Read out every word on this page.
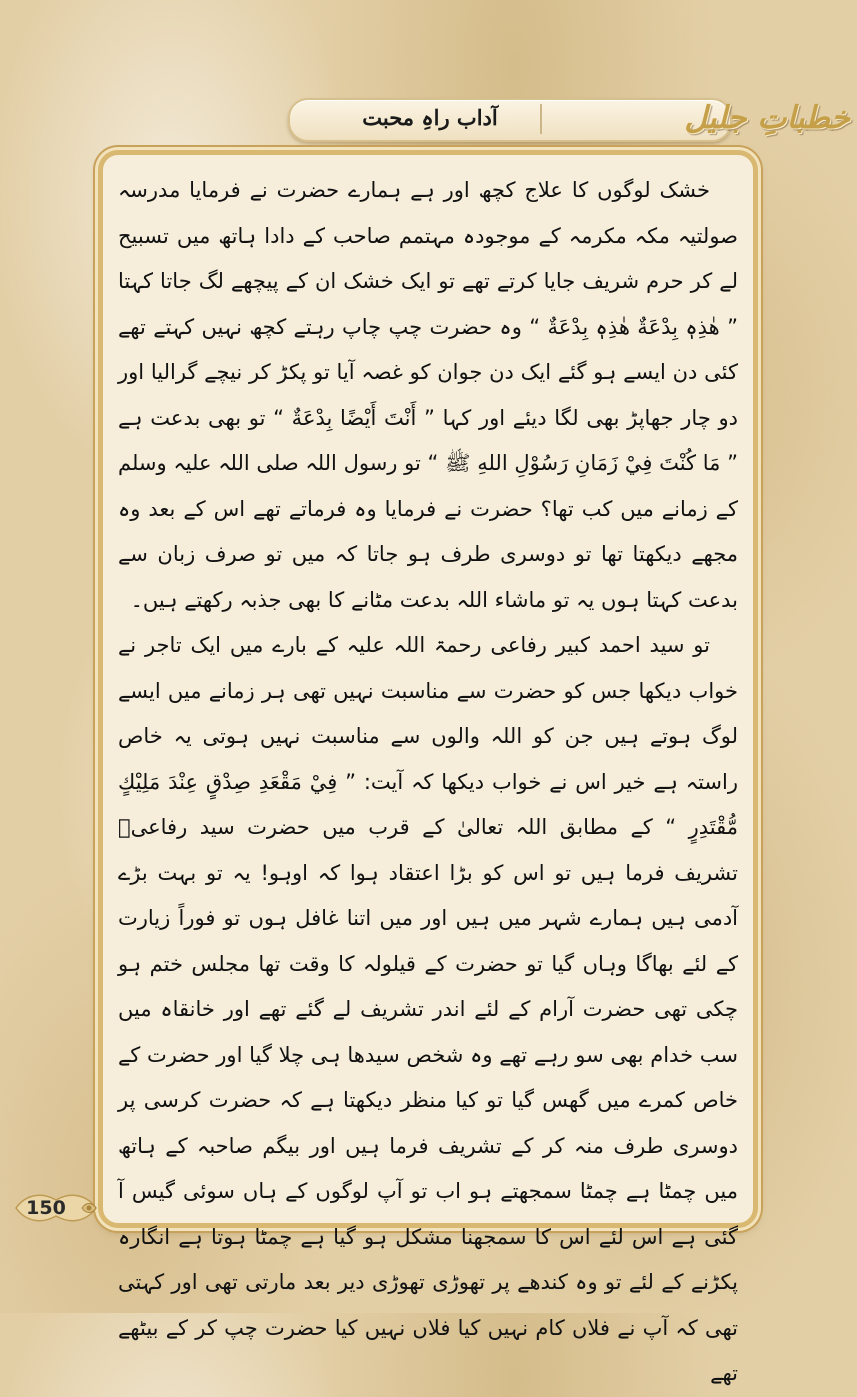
آداب راہِ محبت	خطباتِ جلیل

خشک لوگوں کا علاج کچھ اور ہے ہمارے حضرت نے فرمایا مدرسہ صولتیہ مکہ مکرمہ کے موجودہ مہتمم صاحب کے دادا ہاتھ میں تسبیح لے کر حرم شریف جایا کرتے تھے تو ایک خشک ان کے پیچھے لگ جاتا کہتا ” هٰذِهٖ بِدْعَةٌ هٰذِهٖ بِدْعَةٌ “ وہ حضرت چپ چاپ رہتے کچھ نہیں کہتے تھے کئی دن ایسے ہو گئے ایک دن جوان کو غصہ آیا تو پکڑ کر نیچے گرالیا اور دو چار جھاپڑ بھی لگا دیئے اور کہا ” أَنْتَ أَيْضًا بِدْعَةٌ “ تو بھی بدعت ہے ” مَا كُنْتَ فِيْ زَمَانِ رَسُوْلِ اللهِ ﷺ “ تو رسول اللہ صلی اللہ علیہ وسلم کے زمانے میں کب تھا؟ حضرت نے فرمایا وہ فرماتے تھے اس کے بعد وہ مجھے دیکھتا تھا تو دوسری طرف ہو جاتا کہ میں تو صرف زبان سے بدعت کہتا ہوں یہ تو ماشاء اللہ بدعت مٹانے کا بھی جذبہ رکھتے ہیں۔

تو سید احمد کبیر رفاعی رحمۃ اللہ علیہ کے بارے میں ایک تاجر نے خواب دیکھا جس کو حضرت سے مناسبت نہیں تھی ہر زمانے میں ایسے لوگ ہوتے ہیں جن کو اللہ والوں سے مناسبت نہیں ہوتی یہ خاص راستہ ہے خیر اس نے خواب دیکھا کہ آیت: ” فِيْ مَقْعَدِ صِدْقٍ عِنْدَ مَلِيْكٍ مُّقْتَدِرٍ “ کے مطابق اللہ تعالیٰ کے قرب میں حضرت سید رفاعیؒ تشریف فرما ہیں تو اس کو بڑا اعتقاد ہوا کہ اوہو! یہ تو بہت بڑے آدمی ہیں ہمارے شہر میں ہیں اور میں اتنا غافل ہوں تو فوراً زیارت کے لئے بھاگا وہاں گیا تو حضرت کے قیلولہ کا وقت تھا مجلس ختم ہو چکی تھی حضرت آرام کے لئے اندر تشریف لے گئے تھے اور خانقاہ میں سب خدام بھی سو رہے تھے وہ شخص سیدھا ہی چلا گیا اور حضرت کے خاص کمرے میں گھس گیا تو کیا منظر دیکھتا ہے کہ حضرت کرسی پر دوسری طرف منہ کر کے تشریف فرما ہیں اور بیگم صاحبہ کے ہاتھ میں چمٹا ہے چمٹا سمجھتے ہو اب تو آپ لوگوں کے ہاں سوئی گیس آ گئی ہے اس لئے اس کا سمجھنا مشکل ہو گیا ہے چمٹا ہوتا ہے انگارہ پکڑنے کے لئے تو وہ کندھے پر تھوڑی تھوڑی دیر بعد مارتی تھی اور کہتی تھی کہ آپ نے فلاں کام نہیں کیا فلاں نہیں کیا حضرت چپ کر کے بیٹھے تھے

150
